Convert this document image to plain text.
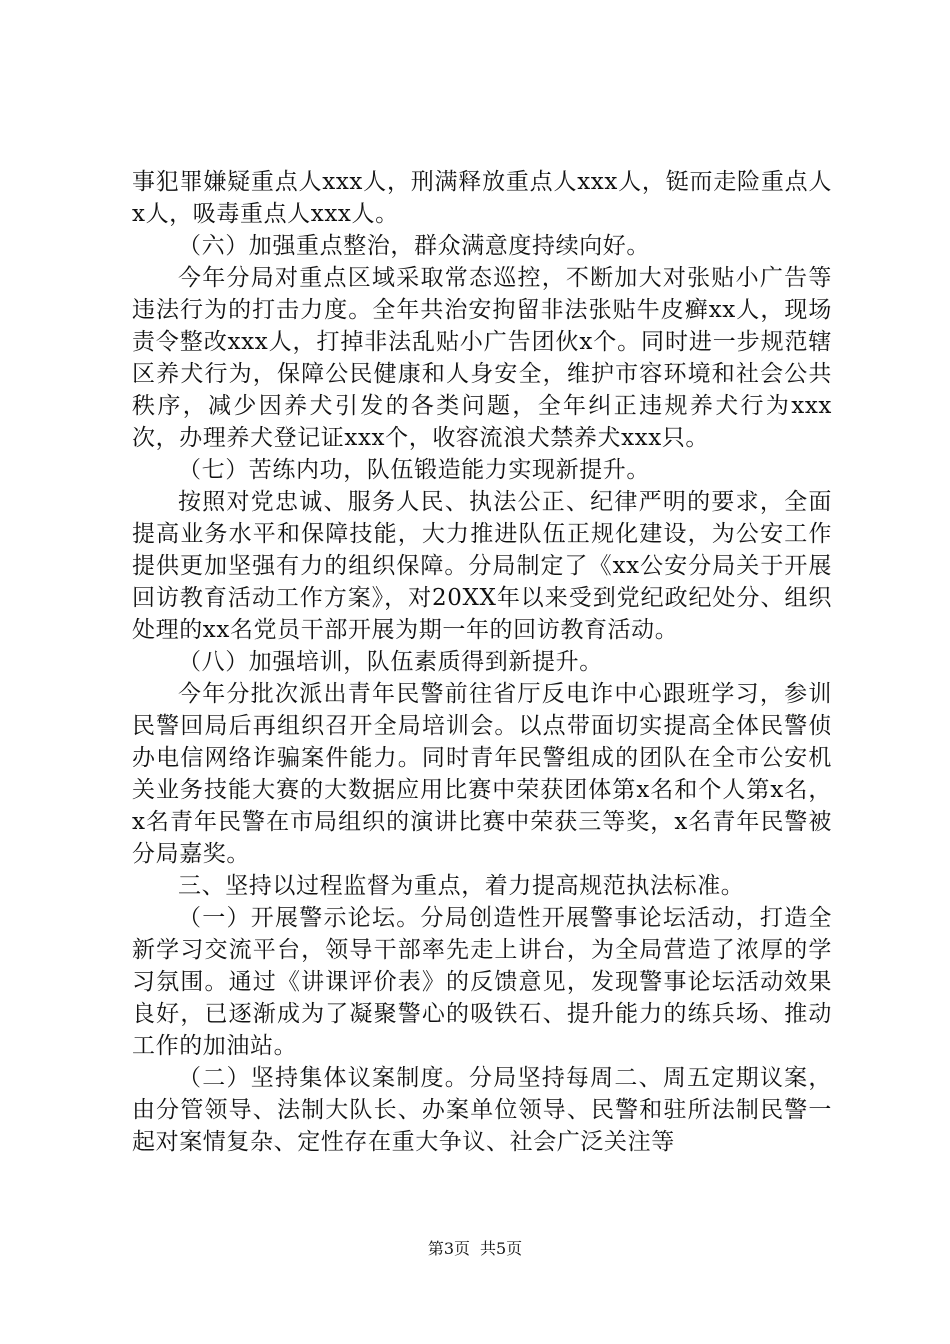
事犯罪嫌疑重点人xxx人，刑满释放重点人xxx人，铤而走险重点人x人，吸毒重点人xxx人。

（六）加强重点整治，群众满意度持续向好。

今年分局对重点区域采取常态巡控，不断加大对张贴小广告等违法行为的打击力度。全年共治安拘留非法张贴牛皮癣xx人，现场责令整改xxx人，打掉非法乱贴小广告团伙x个。同时进一步规范辖区养犬行为，保障公民健康和人身安全，维护市容环境和社会公共秩序，减少因养犬引发的各类问题，全年纠正违规养犬行为xxx次，办理养犬登记证xxx个，收容流浪犬禁养犬xxx只。

（七）苦练内功，队伍锻造能力实现新提升。

按照对党忠诚、服务人民、执法公正、纪律严明的要求，全面提高业务水平和保障技能，大力推进队伍正规化建设，为公安工作提供更加坚强有力的组织保障。分局制定了《xx公安分局关于开展回访教育活动工作方案》，对20XX年以来受到党纪政纪处分、组织处理的xx名党员干部开展为期一年的回访教育活动。

（八）加强培训，队伍素质得到新提升。

今年分批次派出青年民警前往省厅反电诈中心跟班学习，参训民警回局后再组织召开全局培训会。以点带面切实提高全体民警侦办电信网络诈骗案件能力。同时青年民警组成的团队在全市公安机关业务技能大赛的大数据应用比赛中荣获团体第x名和个人第x名，x名青年民警在市局组织的演讲比赛中荣获三等奖，x名青年民警被分局嘉奖。

三、坚持以过程监督为重点，着力提高规范执法标准。

（一）开展警示论坛。分局创造性开展警事论坛活动，打造全新学习交流平台，领导干部率先走上讲台，为全局营造了浓厚的学习氛围。通过《讲课评价表》的反馈意见，发现警事论坛活动效果良好，已逐渐成为了凝聚警心的吸铁石、提升能力的练兵场、推动工作的加油站。

（二）坚持集体议案制度。分局坚持每周二、周五定期议案，由分管领导、法制大队长、办案单位领导、民警和驻所法制民警一起对案情复杂、定性存在重大争议、社会广泛关注等

第3页 共5页
